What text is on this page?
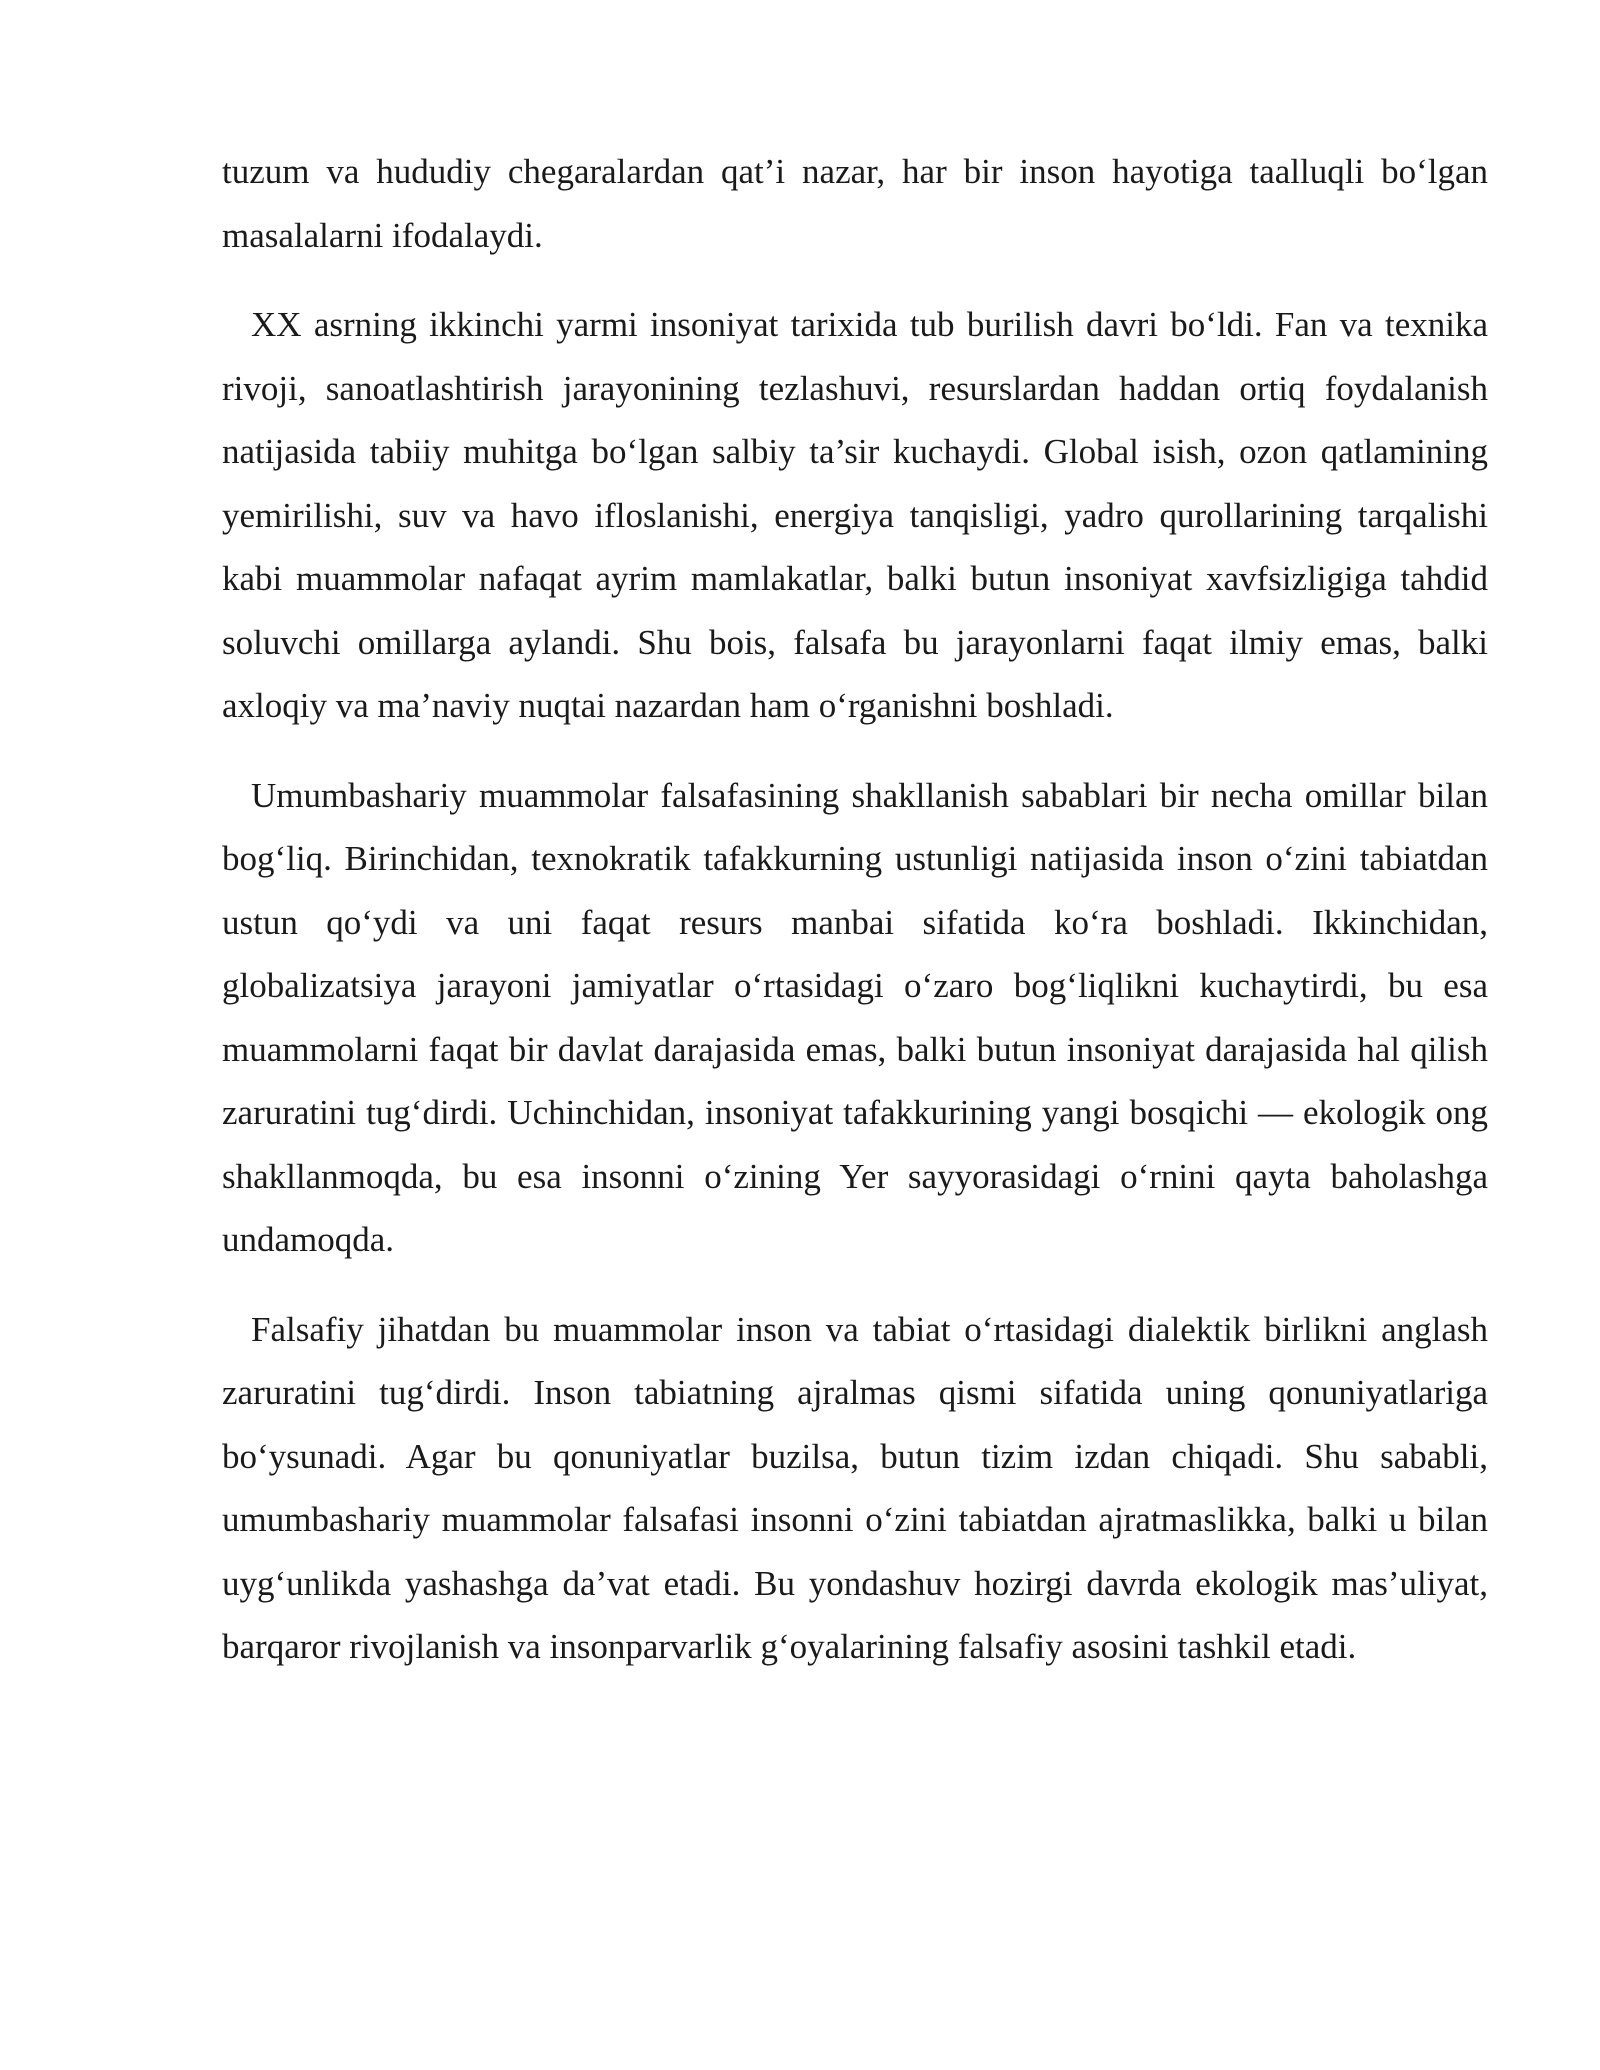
tuzum va hududiy chegaralardan qat’i nazar, har bir inson hayotiga taalluqli bo‘lgan masalalarni ifodalaydi.

XX asrning ikkinchi yarmi insoniyat tarixida tub burilish davri bo‘ldi. Fan va texnika rivoji, sanoatlashtirish jarayonining tezlashuvi, resurslardan haddan ortiq foydalanish natijasida tabiiy muhitga bo‘lgan salbiy ta’sir kuchaydi. Global isish, ozon qatlamining yemirilishi, suv va havo ifloslanishi, energiya tanqisligi, yadro qurollarining tarqalishi kabi muammolar nafaqat ayrim mamlakatlar, balki butun insoniyat xavfsizligiga tahdid soluvchi omillarga aylandi. Shu bois, falsafa bu jarayonlarni faqat ilmiy emas, balki axloqiy va ma’naviy nuqtai nazardan ham o‘rganishni boshladi.

Umumbashariy muammolar falsafasining shakllanish sabablari bir necha omillar bilan bog‘liq. Birinchidan, texnokratik tafakkurning ustunligi natijasida inson o‘zini tabiatdan ustun qo‘ydi va uni faqat resurs manbai sifatida ko‘ra boshladi. Ikkinchidan, globalizatsiya jarayoni jamiyatlar o‘rtasidagi o‘zaro bog‘liqlikni kuchaytirdi, bu esa muammolarni faqat bir davlat darajasida emas, balki butun insoniyat darajasida hal qilish zaruratini tug‘dirdi. Uchinchidan, insoniyat tafakkurining yangi bosqichi — ekologik ong shakllanmoqda, bu esa insonni o‘zining Yer sayyorasidagi o‘rnini qayta baholashga undamoqda.

Falsafiy jihatdan bu muammolar inson va tabiat o‘rtasidagi dialektik birlikni anglash zaruratini tug‘dirdi. Inson tabiatning ajralmas qismi sifatida uning qonuniyatlariga bo‘ysunadi. Agar bu qonuniyatlar buzilsa, butun tizim izdan chiqadi. Shu sababli, umumbashariy muammolar falsafasi insonni o‘zini tabiatdan ajratmaslikka, balki u bilan uyg‘unlikda yashashga da’vat etadi. Bu yondashuv hozirgi davrda ekologik mas’uliyat, barqaror rivojlanish va insonparvarlik g‘oyalarining falsafiy asosini tashkil etadi.
